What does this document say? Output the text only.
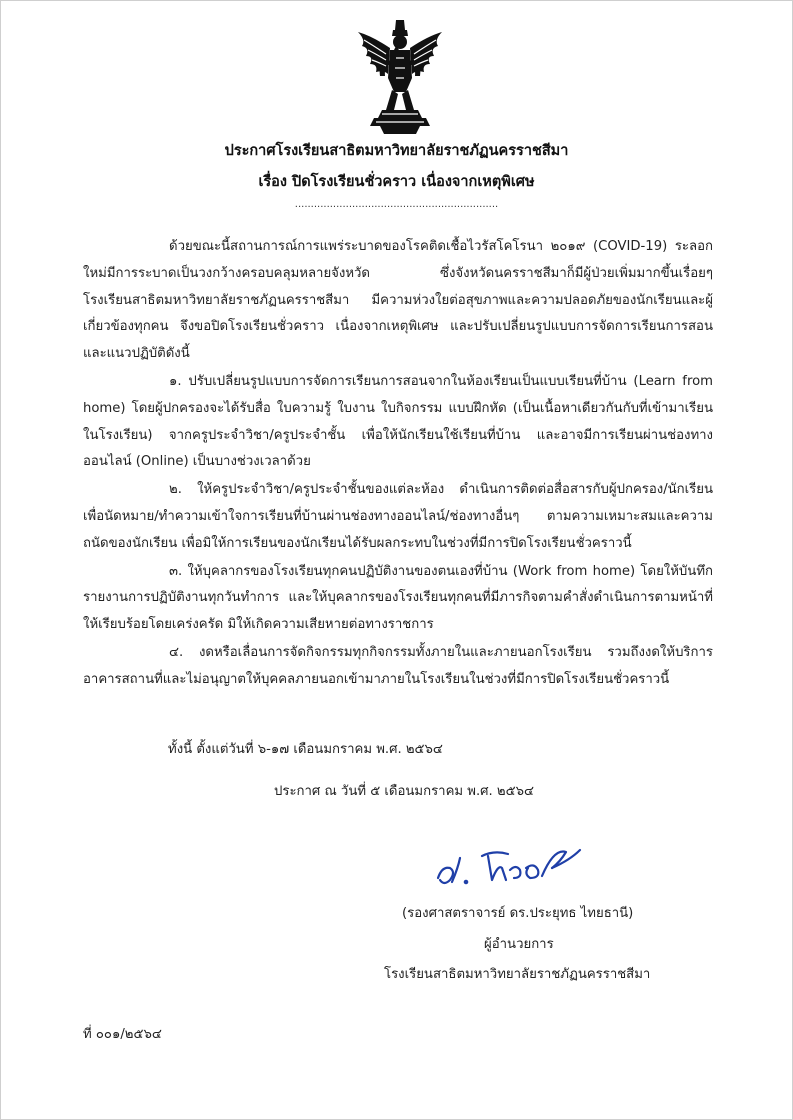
ประกาศโรงเรียนสาธิตมหาวิทยาลัยราชภัฏนครราชสีมา
เรื่อง ปิดโรงเรียนชั่วคราว เนื่องจากเหตุพิเศษ
................................................................

ด้วยขณะนี้สถานการณ์การแพร่ระบาดของโรคติดเชื้อไวรัสโคโรนา ๒๐๑๙ (COVID-19) ระลอกใหม่มีการระบาดเป็นวงกว้างครอบคลุมหลายจังหวัด ซึ่งจังหวัดนครราชสีมาก็มีผู้ป่วยเพิ่มมากขึ้นเรื่อยๆ โรงเรียนสาธิตมหาวิทยาลัยราชภัฏนครราชสีมา มีความห่วงใยต่อสุขภาพและความปลอดภัยของนักเรียนและผู้เกี่ยวข้องทุกคน จึงขอปิดโรงเรียนชั่วคราว เนื่องจากเหตุพิเศษ และปรับเปลี่ยนรูปแบบการจัดการเรียนการสอน และแนวปฏิบัติดังนี้

๑. ปรับเปลี่ยนรูปแบบการจัดการเรียนการสอนจากในห้องเรียนเป็นแบบเรียนที่บ้าน (Learn from home) โดยผู้ปกครองจะได้รับสื่อ ใบความรู้ ใบงาน ใบกิจกรรม แบบฝึกหัด (เป็นเนื้อหาเดียวกันกับที่เข้ามาเรียนในโรงเรียน) จากครูประจำวิชา/ครูประจำชั้น เพื่อให้นักเรียนใช้เรียนที่บ้าน และอาจมีการเรียนผ่านช่องทางออนไลน์ (Online) เป็นบางช่วงเวลาด้วย

๒. ให้ครูประจำวิชา/ครูประจำชั้นของแต่ละห้อง ดำเนินการติดต่อสื่อสารกับผู้ปกครอง/นักเรียน เพื่อนัดหมาย/ทำความเข้าใจการเรียนที่บ้านผ่านช่องทางออนไลน์/ช่องทางอื่นๆ ตามความเหมาะสมและความถนัดของนักเรียน เพื่อมิให้การเรียนของนักเรียนได้รับผลกระทบในช่วงที่มีการปิดโรงเรียนชั่วคราวนี้

๓. ให้บุคลากรของโรงเรียนทุกคนปฏิบัติงานของตนเองที่บ้าน (Work from home) โดยให้บันทึกรายงานการปฏิบัติงานทุกวันทำการ และให้บุคลากรของโรงเรียนทุกคนที่มีภารกิจตามคำสั่งดำเนินการตามหน้าที่ให้เรียบร้อยโดยเคร่งครัด มิให้เกิดความเสียหายต่อทางราชการ

๔. งดหรือเลื่อนการจัดกิจกรรมทุกกิจกรรมทั้งภายในและภายนอกโรงเรียน รวมถึงงดให้บริการอาคารสถานที่และไม่อนุญาตให้บุคคลภายนอกเข้ามาภายในโรงเรียนในช่วงที่มีการปิดโรงเรียนชั่วคราวนี้

ทั้งนี้ ตั้งแต่วันที่ ๖-๑๗ เดือนมกราคม พ.ศ. ๒๕๖๔
ประกาศ ณ วันที่ ๕ เดือนมกราคม พ.ศ. ๒๕๖๔
(รองศาสตราจารย์ ดร.ประยุทธ ไทยธานี)
ผู้อำนวยการ
โรงเรียนสาธิตมหาวิทยาลัยราชภัฏนครราชสีมา
ที่ ๐๐๑/๒๕๖๔
